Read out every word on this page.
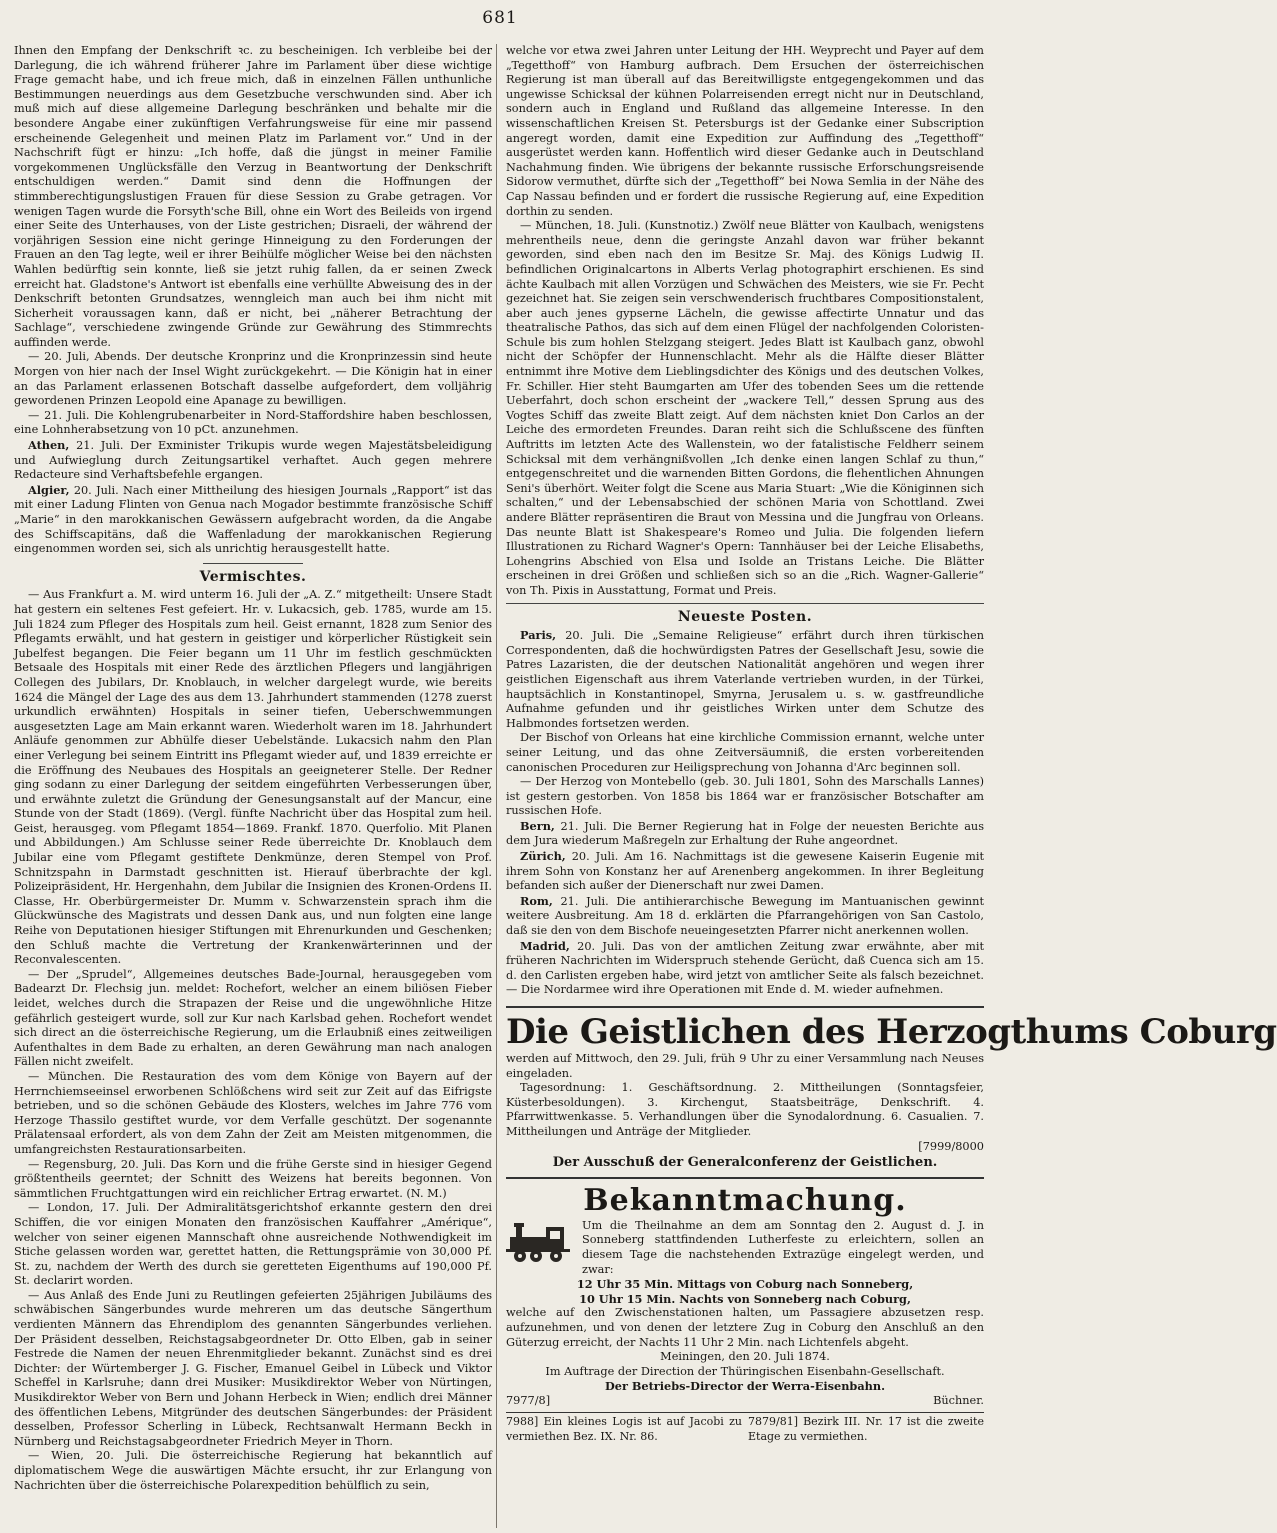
681

Ihnen den Empfang der Denkschrift ꝛc. zu bescheinigen. Ich verbleibe bei der Darlegung, die ich während früherer Jahre im Parlament über diese wichtige Frage gemacht habe, und ich freue mich, daß in einzelnen Fällen unthunliche Bestimmungen neuerdings aus dem Gesetzbuche verschwunden sind. Aber ich muß mich auf diese allgemeine Darlegung beschränken und behalte mir die besondere Angabe einer zukünftigen Verfahrungsweise für eine mir passend erscheinende Gelegenheit und meinen Platz im Parlament vor.“ Und in der Nachschrift fügt er hinzu: „Ich hoffe, daß die jüngst in meiner Familie vorgekommenen Unglücksfälle den Verzug in Beantwortung der Denkschrift entschuldigen werden.“ Damit sind denn die Hoffnungen der stimmberechtigungslustigen Frauen für diese Session zu Grabe getragen. Vor wenigen Tagen wurde die Forsyth'sche Bill, ohne ein Wort des Beileids von irgend einer Seite des Unterhauses, von der Liste gestrichen; Disraeli, der während der vorjährigen Session eine nicht geringe Hinneigung zu den Forderungen der Frauen an den Tag legte, weil er ihrer Beihülfe möglicher Weise bei den nächsten Wahlen bedürftig sein konnte, ließ sie jetzt ruhig fallen, da er seinen Zweck erreicht hat. Gladstone's Antwort ist ebenfalls eine verhüllte Abweisung des in der Denkschrift betonten Grundsatzes, wenngleich man auch bei ihm nicht mit Sicherheit voraussagen kann, daß er nicht, bei „näherer Betrachtung der Sachlage“, verschiedene zwingende Gründe zur Gewährung des Stimmrechts auffinden werde.

— 20. Juli, Abends. Der deutsche Kronprinz und die Kronprinzessin sind heute Morgen von hier nach der Insel Wight zurückgekehrt. — Die Königin hat in einer an das Parlament erlassenen Botschaft dasselbe aufgefordert, dem volljährig gewordenen Prinzen Leopold eine Apanage zu bewilligen.

— 21. Juli. Die Kohlengrubenarbeiter in Nord-Staffordshire haben beschlossen, eine Lohnherabsetzung von 10 pCt. anzunehmen.

Athen, 21. Juli. Der Exminister Trikupis wurde wegen Majestätsbeleidigung und Aufwieglung durch Zeitungsartikel verhaftet. Auch gegen mehrere Redacteure sind Verhaftsbefehle ergangen.

Algier, 20. Juli. Nach einer Mittheilung des hiesigen Journals „Rapport“ ist das mit einer Ladung Flinten von Genua nach Mogador bestimmte französische Schiff „Marie“ in den marokkanischen Gewässern aufgebracht worden, da die Angabe des Schiffscapitäns, daß die Waffenladung der marokkanischen Regierung eingenommen worden sei, sich als unrichtig herausgestellt hatte.

Vermischtes.

— Aus Frankfurt a. M. wird unterm 16. Juli der „A. Z.“ mitgetheilt: Unsere Stadt hat gestern ein seltenes Fest gefeiert. Hr. v. Lukacsich, geb. 1785, wurde am 15. Juli 1824 zum Pfleger des Hospitals zum heil. Geist ernannt, 1828 zum Senior des Pflegamts erwählt, und hat gestern in geistiger und körperlicher Rüstigkeit sein Jubelfest begangen. Die Feier begann um 11 Uhr im festlich geschmückten Betsaale des Hospitals mit einer Rede des ärztlichen Pflegers und langjährigen Collegen des Jubilars, Dr. Knoblauch, in welcher dargelegt wurde, wie bereits 1624 die Mängel der Lage des aus dem 13. Jahrhundert stammenden (1278 zuerst urkundlich erwähnten) Hospitals in seiner tiefen, Ueberschwemmungen ausgesetzten Lage am Main erkannt waren. Wiederholt waren im 18. Jahrhundert Anläufe genommen zur Abhülfe dieser Uebelstände. Lukacsich nahm den Plan einer Verlegung bei seinem Eintritt ins Pflegamt wieder auf, und 1839 erreichte er die Eröffnung des Neubaues des Hospitals an geeigneterer Stelle. Der Redner ging sodann zu einer Darlegung der seitdem eingeführten Verbesserungen über, und erwähnte zuletzt die Gründung der Genesungsanstalt auf der Mancur, eine Stunde von der Stadt (1869). (Vergl. fünfte Nachricht über das Hospital zum heil. Geist, herausgeg. vom Pflegamt 1854—1869. Frankf. 1870. Querfolio. Mit Planen und Abbildungen.) Am Schlusse seiner Rede überreichte Dr. Knoblauch dem Jubilar eine vom Pflegamt gestiftete Denkmünze, deren Stempel von Prof. Schnitzspahn in Darmstadt geschnitten ist. Hierauf überbrachte der kgl. Polizeipräsident, Hr. Hergenhahn, dem Jubilar die Insignien des Kronen-Ordens II. Classe, Hr. Oberbürgermeister Dr. Mumm v. Schwarzenstein sprach ihm die Glückwünsche des Magistrats und dessen Dank aus, und nun folgten eine lange Reihe von Deputationen hiesiger Stiftungen mit Ehrenurkunden und Geschenken; den Schluß machte die Vertretung der Krankenwärterinnen und der Reconvalescenten.

— Der „Sprudel“, Allgemeines deutsches Bade-Journal, herausgegeben vom Badearzt Dr. Flechsig jun. meldet: Rochefort, welcher an einem biliösen Fieber leidet, welches durch die Strapazen der Reise und die ungewöhnliche Hitze gefährlich gesteigert wurde, soll zur Kur nach Karlsbad gehen. Rochefort wendet sich direct an die österreichische Regierung, um die Erlaubniß eines zeitweiligen Aufenthaltes in dem Bade zu erhalten, an deren Gewährung man nach analogen Fällen nicht zweifelt.

— München. Die Restauration des vom dem Könige von Bayern auf der Herrnchiemseeinsel erworbenen Schlößchens wird seit zur Zeit auf das Eifrigste betrieben, und so die schönen Gebäude des Klosters, welches im Jahre 776 vom Herzoge Thassilo gestiftet wurde, vor dem Verfalle geschützt. Der sogenannte Prälatensaal erfordert, als von dem Zahn der Zeit am Meisten mitgenommen, die umfangreichsten Restaurationsarbeiten.

— Regensburg, 20. Juli. Das Korn und die frühe Gerste sind in hiesiger Gegend größtentheils geerntet; der Schnitt des Weizens hat bereits begonnen. Von sämmtlichen Fruchtgattungen wird ein reichlicher Ertrag erwartet. (N. M.)

— London, 17. Juli. Der Admiralitätsgerichtshof erkannte gestern den drei Schiffen, die vor einigen Monaten den französischen Kauffahrer „Amérique“, welcher von seiner eigenen Mannschaft ohne ausreichende Nothwendigkeit im Stiche gelassen worden war, gerettet hatten, die Rettungsprämie von 30,000 Pf. St. zu, nachdem der Werth des durch sie geretteten Eigenthums auf 190,000 Pf. St. declarirt worden.

— Aus Anlaß des Ende Juni zu Reutlingen gefeierten 25jährigen Jubiläums des schwäbischen Sängerbundes wurde mehreren um das deutsche Sängerthum verdienten Männern das Ehrendiplom des genannten Sängerbundes verliehen. Der Präsident desselben, Reichstagsabgeordneter Dr. Otto Elben, gab in seiner Festrede die Namen der neuen Ehrenmitglieder bekannt. Zunächst sind es drei Dichter: der Würtemberger J. G. Fischer, Emanuel Geibel in Lübeck und Viktor Scheffel in Karlsruhe; dann drei Musiker: Musikdirektor Weber von Nürtingen, Musikdirektor Weber von Bern und Johann Herbeck in Wien; endlich drei Männer des öffentlichen Lebens, Mitgründer des deutschen Sängerbundes: der Präsident desselben, Professor Scherling in Lübeck, Rechtsanwalt Hermann Beckh in Nürnberg und Reichstagsabgeordneter Friedrich Meyer in Thorn.

— Wien, 20. Juli. Die österreichische Regierung hat bekanntlich auf diplomatischem Wege die auswärtigen Mächte ersucht, ihr zur Erlangung von Nachrichten über die österreichische Polarexpedition behülflich zu sein,

welche vor etwa zwei Jahren unter Leitung der HH. Weyprecht und Payer auf dem „Tegetthoff“ von Hamburg aufbrach. Dem Ersuchen der österreichischen Regierung ist man überall auf das Bereitwilligste entgegengekommen und das ungewisse Schicksal der kühnen Polarreisenden erregt nicht nur in Deutschland, sondern auch in England und Rußland das allgemeine Interesse. In den wissenschaftlichen Kreisen St. Petersburgs ist der Gedanke einer Subscription angeregt worden, damit eine Expedition zur Auffindung des „Tegetthoff“ ausgerüstet werden kann. Hoffentlich wird dieser Gedanke auch in Deutschland Nachahmung finden. Wie übrigens der bekannte russische Erforschungsreisende Sidorow vermuthet, dürfte sich der „Tegetthoff“ bei Nowa Semlia in der Nähe des Cap Nassau befinden und er fordert die russische Regierung auf, eine Expedition dorthin zu senden.

— München, 18. Juli. (Kunstnotiz.) Zwölf neue Blätter von Kaulbach, wenigstens mehrentheils neue, denn die geringste Anzahl davon war früher bekannt geworden, sind eben nach den im Besitze Sr. Maj. des Königs Ludwig II. befindlichen Originalcartons in Alberts Verlag photographirt erschienen. Es sind ächte Kaulbach mit allen Vorzügen und Schwächen des Meisters, wie sie Fr. Pecht gezeichnet hat. Sie zeigen sein verschwenderisch fruchtbares Compositionstalent, aber auch jenes gypserne Lächeln, die gewisse affectirte Unnatur und das theatralische Pathos, das sich auf dem einen Flügel der nachfolgenden Coloristen-Schule bis zum hohlen Stelzgang steigert. Jedes Blatt ist Kaulbach ganz, obwohl nicht der Schöpfer der Hunnenschlacht. Mehr als die Hälfte dieser Blätter entnimmt ihre Motive dem Lieblingsdichter des Königs und des deutschen Volkes, Fr. Schiller. Hier steht Baumgarten am Ufer des tobenden Sees um die rettende Ueberfahrt, doch schon erscheint der „wackere Tell,“ dessen Sprung aus des Vogtes Schiff das zweite Blatt zeigt. Auf dem nächsten kniet Don Carlos an der Leiche des ermordeten Freundes. Daran reiht sich die Schlußscene des fünften Auftritts im letzten Acte des Wallenstein, wo der fatalistische Feldherr seinem Schicksal mit dem verhängnißvollen „Ich denke einen langen Schlaf zu thun,“ entgegenschreitet und die warnenden Bitten Gordons, die flehentlichen Ahnungen Seni's überhört. Weiter folgt die Scene aus Maria Stuart: „Wie die Königinnen sich schalten,“ und der Lebensabschied der schönen Maria von Schottland. Zwei andere Blätter repräsentiren die Braut von Messina und die Jungfrau von Orleans. Das neunte Blatt ist Shakespeare's Romeo und Julia. Die folgenden liefern Illustrationen zu Richard Wagner's Opern: Tannhäuser bei der Leiche Elisabeths, Lohengrins Abschied von Elsa und Isolde an Tristans Leiche. Die Blätter erscheinen in drei Größen und schließen sich so an die „Rich. Wagner-Gallerie“ von Th. Pixis in Ausstattung, Format und Preis.

Neueste Posten.

Paris, 20. Juli. Die „Semaine Religieuse“ erfährt durch ihren türkischen Correspondenten, daß die hochwürdigsten Patres der Gesellschaft Jesu, sowie die Patres Lazaristen, die der deutschen Nationalität angehören und wegen ihrer geistlichen Eigenschaft aus ihrem Vaterlande vertrieben wurden, in der Türkei, hauptsächlich in Konstantinopel, Smyrna, Jerusalem u. s. w. gastfreundliche Aufnahme gefunden und ihr geistliches Wirken unter dem Schutze des Halbmondes fortsetzen werden.

Der Bischof von Orleans hat eine kirchliche Commission ernannt, welche unter seiner Leitung, und das ohne Zeitversäumniß, die ersten vorbereitenden canonischen Proceduren zur Heiligsprechung von Johanna d'Arc beginnen soll.

— Der Herzog von Montebello (geb. 30. Juli 1801, Sohn des Marschalls Lannes) ist gestern gestorben. Von 1858 bis 1864 war er französischer Botschafter am russischen Hofe.

Bern, 21. Juli. Die Berner Regierung hat in Folge der neuesten Berichte aus dem Jura wiederum Maßregeln zur Erhaltung der Ruhe angeordnet.

Zürich, 20. Juli. Am 16. Nachmittags ist die gewesene Kaiserin Eugenie mit ihrem Sohn von Konstanz her auf Arenenberg angekommen. In ihrer Begleitung befanden sich außer der Dienerschaft nur zwei Damen.

Rom, 21. Juli. Die antihierarchische Bewegung im Mantuanischen gewinnt weitere Ausbreitung. Am 18 d. erklärten die Pfarrangehörigen von San Castolo, daß sie den von dem Bischofe neueingesetzten Pfarrer nicht anerkennen wollen.

Madrid, 20. Juli. Das von der amtlichen Zeitung zwar erwähnte, aber mit früheren Nachrichten im Widerspruch stehende Gerücht, daß Cuenca sich am 15. d. den Carlisten ergeben habe, wird jetzt von amtlicher Seite als falsch bezeichnet. — Die Nordarmee wird ihre Operationen mit Ende d. M. wieder aufnehmen.

Die Geistlichen des Herzogthums Coburg

werden auf Mittwoch, den 29. Juli, früh 9 Uhr zu einer Versammlung nach Neuses eingeladen.

Tagesordnung: 1. Geschäftsordnung. 2. Mittheilungen (Sonntagsfeier, Küsterbesoldungen). 3. Kirchengut, Staatsbeiträge, Denkschrift. 4. Pfarrwittwenkasse. 5. Verhandlungen über die Synodalordnung. 6. Casualien. 7. Mittheilungen und Anträge der Mitglieder.

[7999/8000
Der Ausschuß der Generalconferenz der Geistlichen.
Bekanntmachung.

Um die Theilnahme an dem am Sonntag den 2. August d. J. in Sonneberg stattfindenden Lutherfeste zu erleichtern, sollen an diesem Tage die nachstehenden Extrazüge eingelegt werden, und zwar:

12 Uhr 35 Min. Mittags von Coburg nach Sonneberg,
10 Uhr 15 Min. Nachts von Sonneberg nach Coburg,

welche auf den Zwischenstationen halten, um Passagiere abzusetzen resp. aufzunehmen, und von denen der letztere Zug in Coburg den Anschluß an den Güterzug erreicht, der Nachts 11 Uhr 2 Min. nach Lichtenfels abgeht.

Meiningen, den 20. Juli 1874.
Im Auftrage der Direction der Thüringischen Eisenbahn-Gesellschaft.
Der Betriebs-Director der Werra-Eisenbahn.
7977/8]	Büchner.
7988] Ein kleines Logis ist auf Jacobi zu vermiethen Bez. IX. Nr. 86.
7879/81] Bezirk III. Nr. 17 ist die zweite Etage zu vermiethen.
